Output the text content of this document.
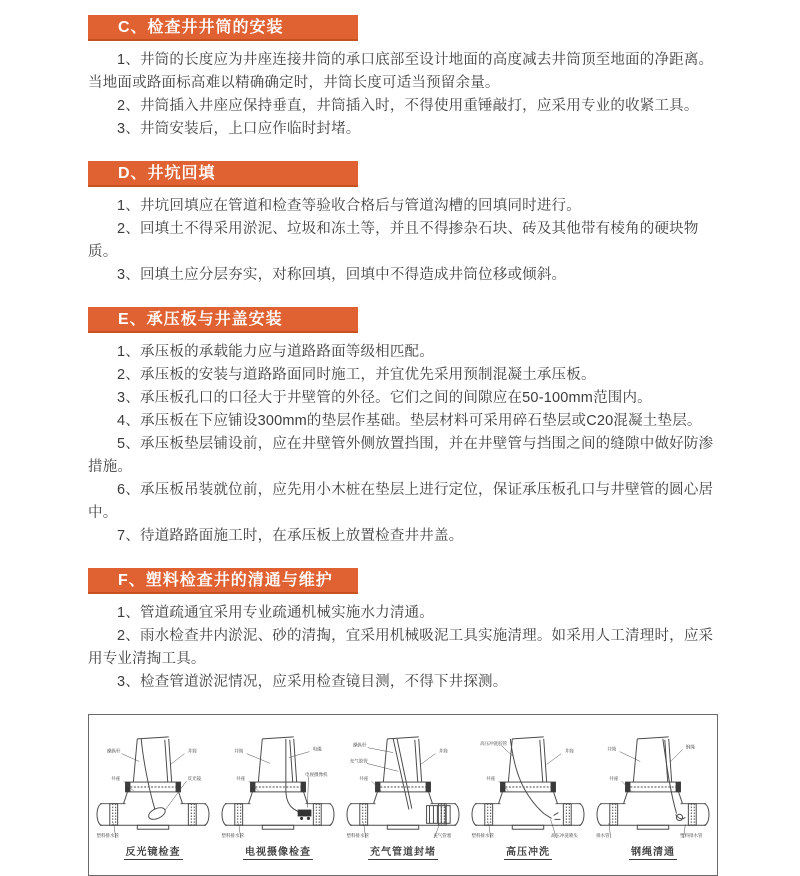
C、检查井井筒的安装

1、井筒的长度应为井座连接井筒的承口底部至设计地面的高度减去井筒顶至地面的净距离。当地面或路面标高难以精确确定时，井筒长度可适当预留余量。

2、井筒插入井座应保持垂直，井筒插入时，不得使用重锤敲打，应采用专业的收紧工具。

3、井筒安装后，上口应作临时封堵。

D、井坑回填

1、井坑回填应在管道和检查等验收合格后与管道沟槽的回填同时进行。

2、回填土不得采用淤泥、垃圾和冻土等，并且不得掺杂石块、砖及其他带有棱角的硬块物质。

3、回填土应分层夯实，对称回填，回填中不得造成井筒位移或倾斜。

E、承压板与井盖安装

1、承压板的承载能力应与道路路面等级相匹配。

2、承压板的安装与道路路面同时施工，并宜优先采用预制混凝土承压板。

3、承压板孔口的口径大于井壁管的外径。它们之间的间隙应在50-100mm范围内。

4、承压板在下应铺设300mm的垫层作基础。垫层材料可采用碎石垫层或C20混凝土垫层。

5、承压板垫层铺设前，应在井壁管外侧放置挡围，并在井壁管与挡围之间的缝隙中做好防渗措施。

6、承压板吊装就位前，应先用小木桩在垫层上进行定位，保证承压板孔口与井壁管的圆心居中。

7、待道路路面施工时，在承压板上放置检查井井盖。

F、塑料检查井的清通与维护

1、管道疏通宜采用专业疏通机械实施水力清通。

2、雨水检查井内淤泥、砂的清掏，宜采用机械吸泥工具实施清理。如采用人工清理时，应采用专业清掏工具。

3、检查管道淤泥情况，应采用检查镜目测，不得下井探测。

操纵杆	井筒
井座	反光镜
塑料排水管
反光镜检查
井筒	电缆
井座
电视摄像机
塑料排水管
电视摄像检查
操纵杆
充气胶管
井筒
井座
塑料排水管	充气管塞
充气管道封堵
高压冲洗胶管
井筒
井座
塑料排水管	高压冲洗喷头
高压冲洗
井筒	钢绳
井座
排水管	塑料排水管
钢绳清通
